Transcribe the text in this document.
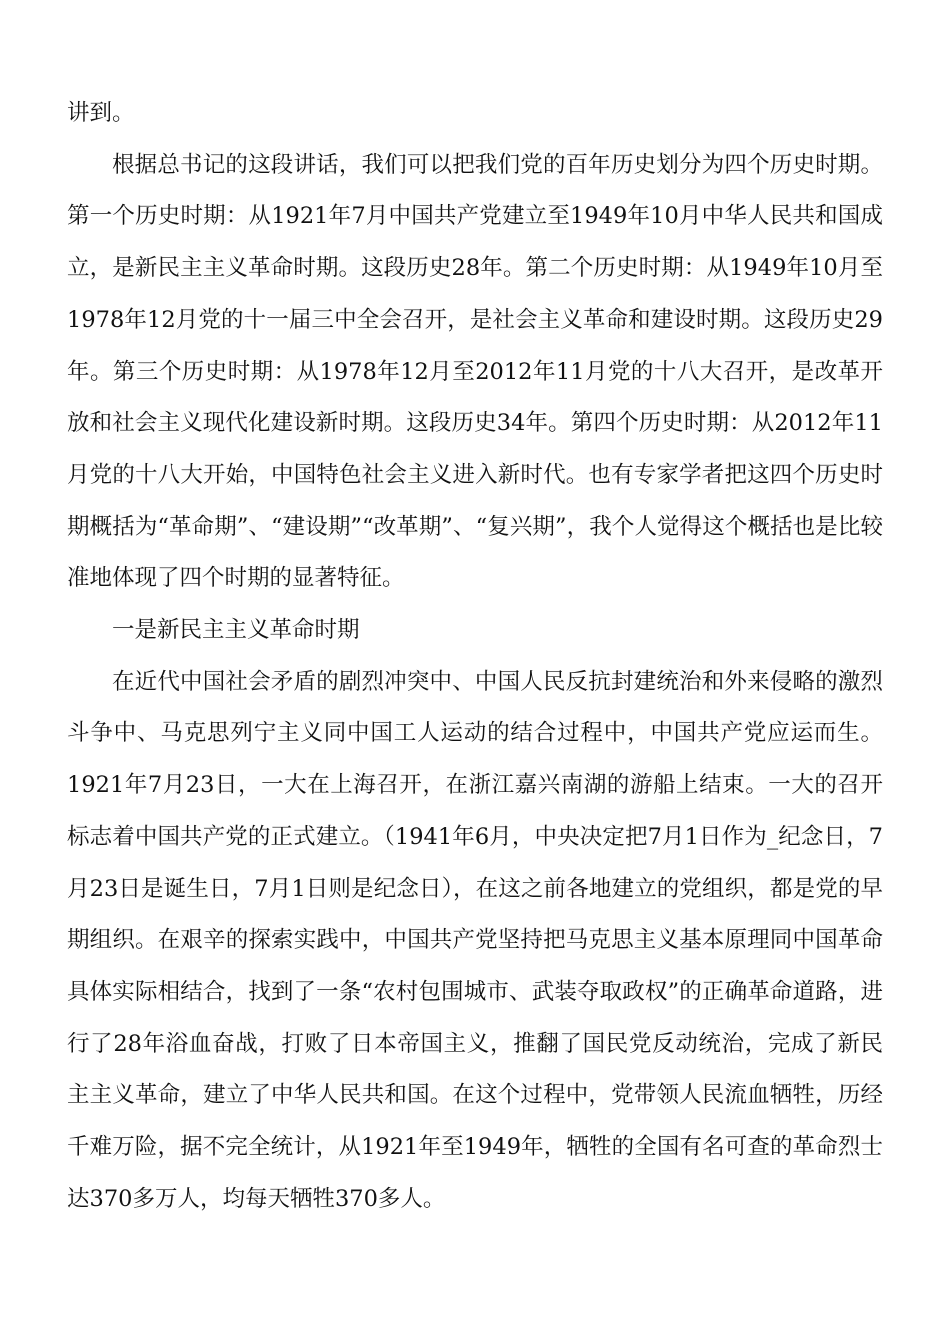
讲到。

根据总书记的这段讲话，我们可以把我们党的百年历史划分为四个历史时期。第一个历史时期：从1921年7月中国共产党建立至1949年10月中华人民共和国成立，是新民主主义革命时期。这段历史28年。第二个历史时期：从1949年10月至1978年12月党的十一届三中全会召开，是社会主义革命和建设时期。这段历史29年。第三个历史时期：从1978年12月至2012年11月党的十八大召开，是改革开放和社会主义现代化建设新时期。这段历史34年。第四个历史时期：从2012年11月党的十八大开始，中国特色社会主义进入新时代。也有专家学者把这四个历史时期概括为“革命期”、“建设期”“改革期”、“复兴期”，我个人觉得这个概括也是比较准地体现了四个时期的显著特征。

一是新民主主义革命时期

在近代中国社会矛盾的剧烈冲突中、中国人民反抗封建统治和外来侵略的激烈斗争中、马克思列宁主义同中国工人运动的结合过程中，中国共产党应运而生。1921年7月23日，一大在上海召开，在浙江嘉兴南湖的游船上结束。一大的召开标志着中国共产党的正式建立。（1941年6月，中央决定把7月1日作为_纪念日，7月23日是诞生日，7月1日则是纪念日），在这之前各地建立的党组织，都是党的早期组织。在艰辛的探索实践中，中国共产党坚持把马克思主义基本原理同中国革命具体实际相结合，找到了一条“农村包围城市、武装夺取政权”的正确革命道路，进行了28年浴血奋战，打败了日本帝国主义，推翻了国民党反动统治，完成了新民主主义革命，建立了中华人民共和国。在这个过程中，党带领人民流血牺牲，历经千难万险，据不完全统计，从1921年至1949年，牺牲的全国有名可查的革命烈士达370多万人，均每天牺牲370多人。
